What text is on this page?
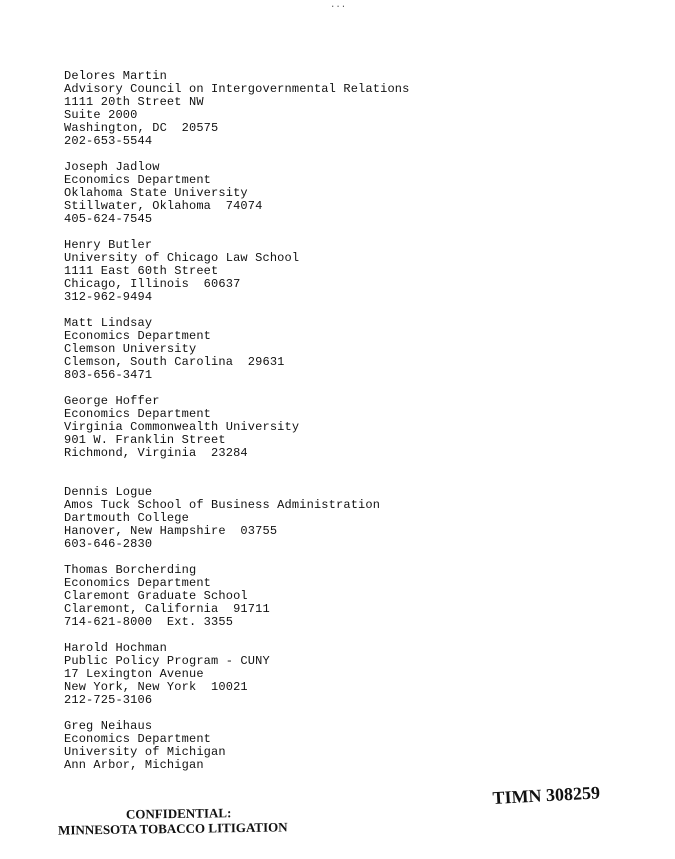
...
Delores Martin
Advisory Council on Intergovernmental Relations
1111 20th Street NW
Suite 2000
Washington, DC  20575
202-653-5544
Joseph Jadlow
Economics Department
Oklahoma State University
Stillwater, Oklahoma  74074
405-624-7545
Henry Butler
University of Chicago Law School
1111 East 60th Street
Chicago, Illinois  60637
312-962-9494
Matt Lindsay
Economics Department
Clemson University
Clemson, South Carolina  29631
803-656-3471
George Hoffer
Economics Department
Virginia Commonwealth University
901 W. Franklin Street
Richmond, Virginia  23284
Dennis Logue
Amos Tuck School of Business Administration
Dartmouth College
Hanover, New Hampshire  03755
603-646-2830
Thomas Borcherding
Economics Department
Claremont Graduate School
Claremont, California  91711
714-621-8000  Ext. 3355
Harold Hochman
Public Policy Program - CUNY
17 Lexington Avenue
New York, New York  10021
212-725-3106
Greg Neihaus
Economics Department
University of Michigan
Ann Arbor, Michigan
CONFIDENTIAL:
MINNESOTA TOBACCO LITIGATION
TIMN 308259
